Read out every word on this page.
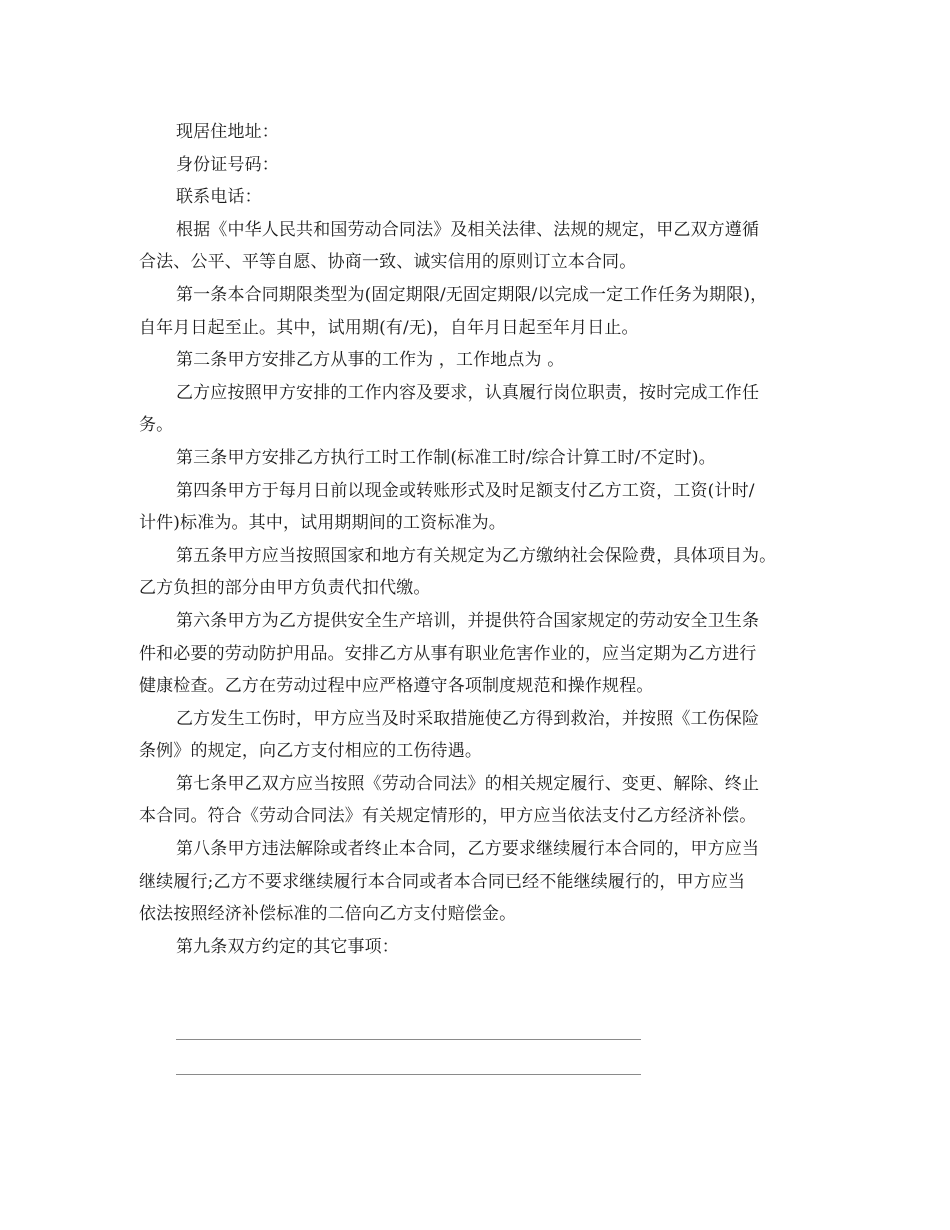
现居住地址：
身份证号码：
联系电话：
根据《中华人民共和国劳动合同法》及相关法律、法规的规定，甲乙双方遵循
合法、公平、平等自愿、协商一致、诚实信用的原则订立本合同。
第一条本合同期限类型为(固定期限/无固定期限/以完成一定工作任务为期限)，
自年月日起至止。其中，试用期(有/无)，自年月日起至年月日止。
第二条甲方安排乙方从事的工作为 ，工作地点为 。
乙方应按照甲方安排的工作内容及要求，认真履行岗位职责，按时完成工作任
务。
第三条甲方安排乙方执行工时工作制(标准工时/综合计算工时/不定时)。
第四条甲方于每月日前以现金或转账形式及时足额支付乙方工资，工资(计时/
计件)标准为。其中，试用期期间的工资标准为。
第五条甲方应当按照国家和地方有关规定为乙方缴纳社会保险费，具体项目为。
乙方负担的部分由甲方负责代扣代缴。
第六条甲方为乙方提供安全生产培训，并提供符合国家规定的劳动安全卫生条
件和必要的劳动防护用品。安排乙方从事有职业危害作业的，应当定期为乙方进行
健康检查。乙方在劳动过程中应严格遵守各项制度规范和操作规程。
乙方发生工伤时，甲方应当及时采取措施使乙方得到救治，并按照《工伤保险
条例》的规定，向乙方支付相应的工伤待遇。
第七条甲乙双方应当按照《劳动合同法》的相关规定履行、变更、解除、终止
本合同。符合《劳动合同法》有关规定情形的，甲方应当依法支付乙方经济补偿。
第八条甲方违法解除或者终止本合同，乙方要求继续履行本合同的，甲方应当
继续履行;乙方不要求继续履行本合同或者本合同已经不能继续履行的，甲方应当
依法按照经济补偿标准的二倍向乙方支付赔偿金。
第九条双方约定的其它事项：
